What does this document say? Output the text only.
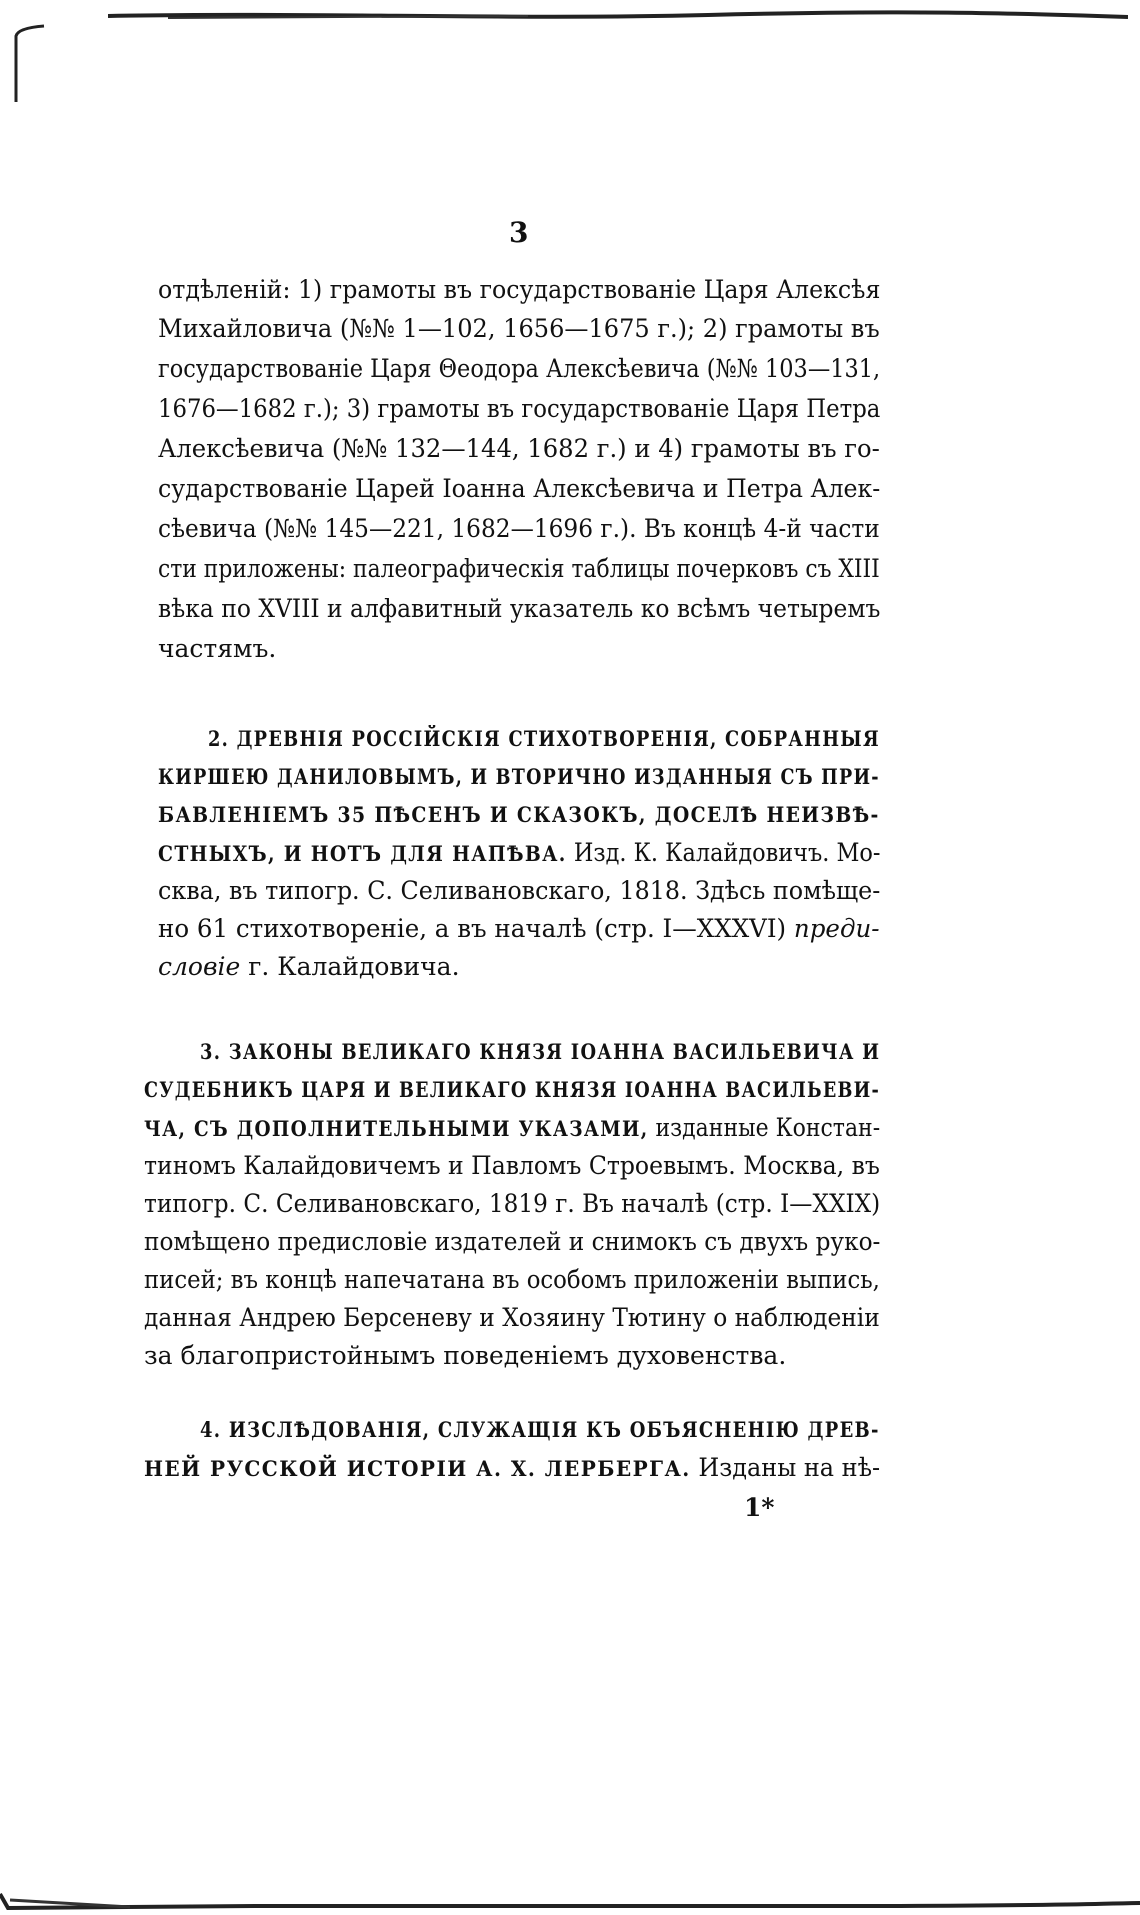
3
отдѣленій: 1) грамоты въ государствованіе Царя Алексѣя
Михайловича (№№ 1—102, 1656—1675 г.); 2) грамоты въ
государствованіе Царя Θеодора Алексѣевича (№№ 103—131,
1676—1682 г.); 3) грамоты въ государствованіе Царя Петра
Алексѣевича (№№ 132—144, 1682 г.) и 4) грамоты въ го-
сударствованіе Царей Іоанна Алексѣевича и Петра Алек-
сѣевича (№№ 145—221, 1682—1696 г.). Въ концѣ 4-й части
сти приложены: палеографическія таблицы почерковъ съ XIII
вѣка по XVIII и алфавитный указатель ко всѣмъ четыремъ
частямъ.
2. ДРЕВНІЯ РОССІЙСКІЯ СТИХОТВОРЕНІЯ, СОБРАННЫЯ
КИРШЕЮ ДАНИЛОВЫМЪ, И ВТОРИЧНО ИЗДАННЫЯ СЪ ПРИ-
БАВЛЕНІЕМЪ 35 ПѢСЕНЪ И СКАЗОКЪ, ДОСЕЛѢ НЕИЗВѢ-
СТНЫХЪ, И НОТЪ ДЛЯ НАПѢВА. Изд. К. Калайдовичъ. Мо-
сква, въ типогр. С. Селивановскаго, 1818. Здѣсь помѣще-
но 61 стихотвореніе, а въ началѣ (стр. I—XXXVI) преди-
словіе г. Калайдовича.
3. ЗАКОНЫ ВЕЛИКАГО КНЯЗЯ ІОАННА ВАСИЛЬЕВИЧА И
СУДЕБНИКЪ ЦАРЯ И ВЕЛИКАГО КНЯЗЯ ІОАННА ВАСИЛЬЕВИ-
ЧА, СЪ ДОПОЛНИТЕЛЬНЫМИ УКАЗАМИ, изданные Констан-
тиномъ Калайдовичемъ и Павломъ Строевымъ. Москва, въ
типогр. С. Селивановскаго, 1819 г. Въ началѣ (стр. I—XXIX)
помѣщено предисловіе издателей и снимокъ съ двухъ руко-
писей; въ концѣ напечатана въ особомъ приложеніи выпись,
данная Андрею Берсеневу и Хозяину Тютину о наблюденіи
за благопристойнымъ поведеніемъ духовенства.
4. ИЗСЛѢДОВАНІЯ, СЛУЖАЩІЯ КЪ ОБЪЯСНЕНІЮ ДРЕВ-
НЕЙ РУССКОЙ ИСТОРІИ А. Х. ЛЕРБЕРГА. Изданы на нѣ-
1*
